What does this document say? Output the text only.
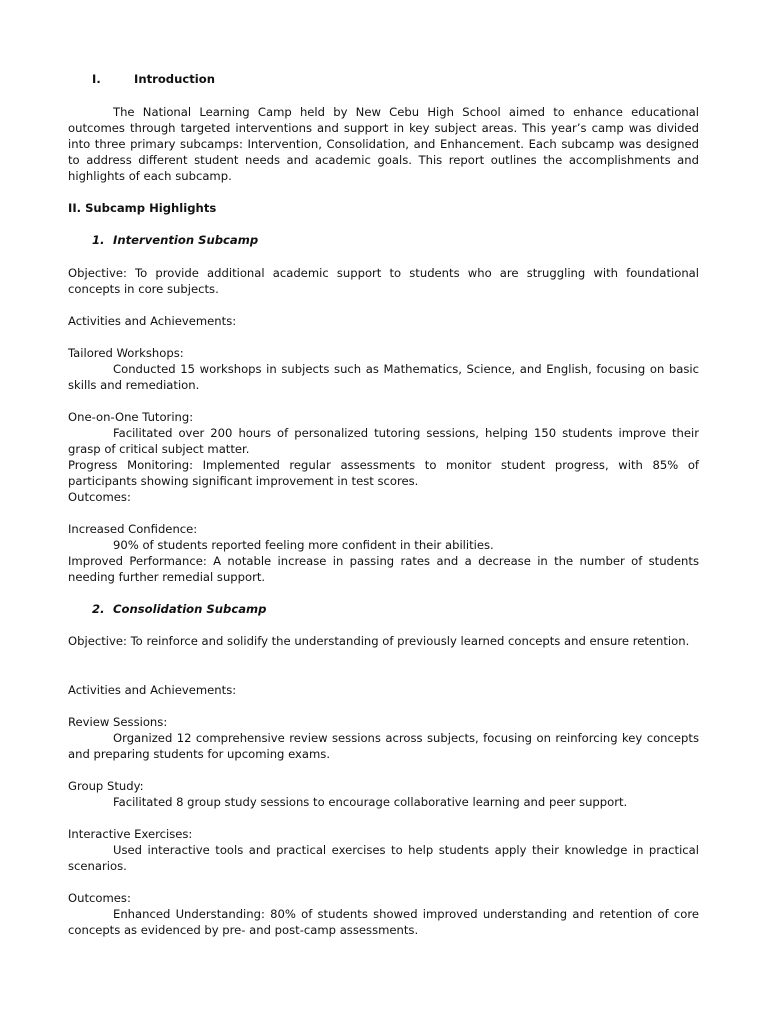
I.	Introduction

The National Learning Camp held by New Cebu High School aimed to enhance educational outcomes through targeted interventions and support in key subject areas. This year’s camp was divided into three primary subcamps: Intervention, Consolidation, and Enhancement. Each subcamp was designed to address different student needs and academic goals. This report outlines the accomplishments and highlights of each subcamp.

II. Subcamp Highlights

1. Intervention Subcamp

Objective: To provide additional academic support to students who are struggling with foundational concepts in core subjects.

Activities and Achievements:

Tailored Workshops:

Conducted 15 workshops in subjects such as Mathematics, Science, and English, focusing on basic skills and remediation.

One-on-One Tutoring:

Facilitated over 200 hours of personalized tutoring sessions, helping 150 students improve their grasp of critical subject matter.

Progress Monitoring: Implemented regular assessments to monitor student progress, with 85% of participants showing significant improvement in test scores.

Outcomes:

Increased Confidence:

90% of students reported feeling more confident in their abilities.

Improved Performance: A notable increase in passing rates and a decrease in the number of students needing further remedial support.

2. Consolidation Subcamp

Objective: To reinforce and solidify the understanding of previously learned concepts and ensure retention.

Activities and Achievements:

Review Sessions:

Organized 12 comprehensive review sessions across subjects, focusing on reinforcing key concepts and preparing students for upcoming exams.

Group Study:

Facilitated 8 group study sessions to encourage collaborative learning and peer support.

Interactive Exercises:

Used interactive tools and practical exercises to help students apply their knowledge in practical scenarios.

Outcomes:

Enhanced Understanding: 80% of students showed improved understanding and retention of core concepts as evidenced by pre- and post-camp assessments.
